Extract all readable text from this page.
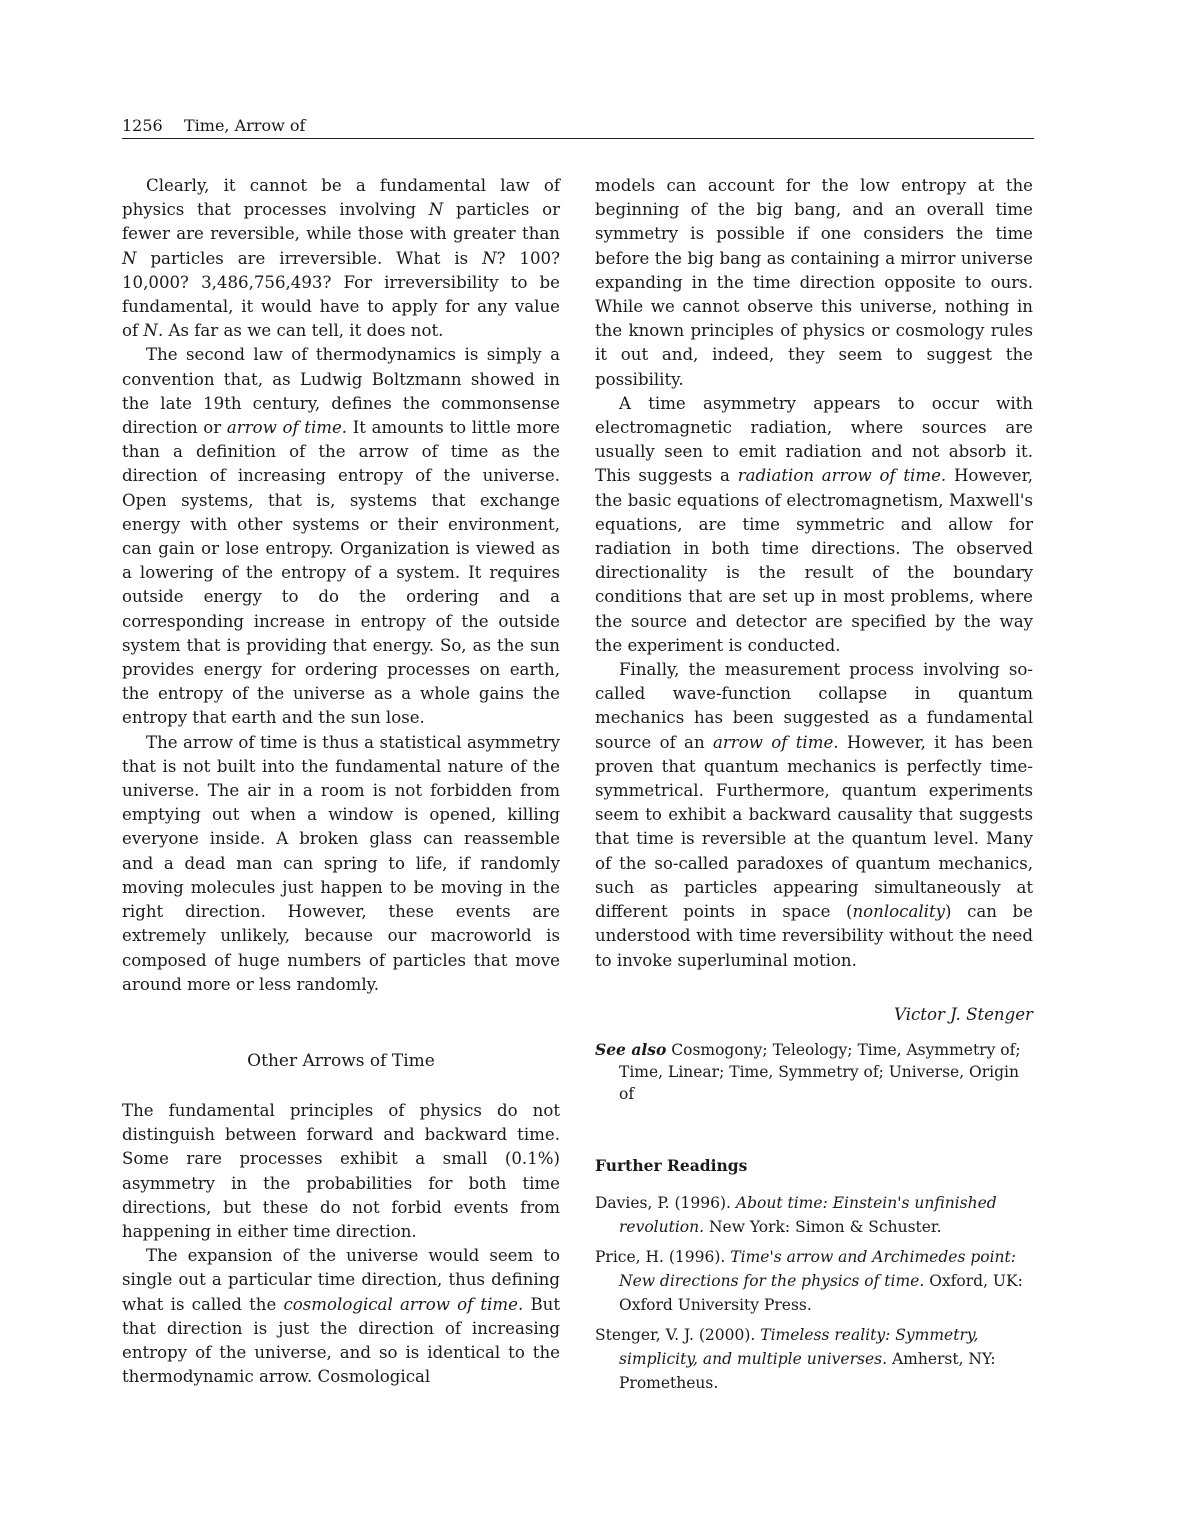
1256 Time, Arrow of

Clearly, it cannot be a fundamental law of physics that processes involving N particles or fewer are reversible, while those with greater than N particles are irreversible. What is N? 100? 10,000? 3,486,756,493? For irreversibility to be fundamental, it would have to apply for any value of N. As far as we can tell, it does not.

The second law of thermodynamics is simply a convention that, as Ludwig Boltzmann showed in the late 19th century, defines the commonsense direction or arrow of time. It amounts to little more than a definition of the arrow of time as the direction of increasing entropy of the universe. Open systems, that is, systems that exchange energy with other systems or their environment, can gain or lose entropy. Organization is viewed as a lowering of the entropy of a system. It requires outside energy to do the ordering and a corresponding increase in entropy of the outside system that is providing that energy. So, as the sun provides energy for ordering processes on earth, the entropy of the universe as a whole gains the entropy that earth and the sun lose.

The arrow of time is thus a statistical asymmetry that is not built into the fundamental nature of the universe. The air in a room is not forbidden from emptying out when a window is opened, killing everyone inside. A broken glass can reassemble and a dead man can spring to life, if randomly moving molecules just happen to be moving in the right direction. However, these events are extremely unlikely, because our macroworld is composed of huge numbers of particles that move around more or less randomly.

Other Arrows of Time

The fundamental principles of physics do not distinguish between forward and backward time. Some rare processes exhibit a small (0.1%) asymmetry in the probabilities for both time directions, but these do not forbid events from happening in either time direction.

The expansion of the universe would seem to single out a particular time direction, thus defining what is called the cosmological arrow of time. But that direction is just the direction of increasing entropy of the universe, and so is identical to the thermodynamic arrow. Cosmological

models can account for the low entropy at the beginning of the big bang, and an overall time symmetry is possible if one considers the time before the big bang as containing a mirror universe expanding in the time direction opposite to ours. While we cannot observe this universe, nothing in the known principles of physics or cosmology rules it out and, indeed, they seem to suggest the possibility.

A time asymmetry appears to occur with electromagnetic radiation, where sources are usually seen to emit radiation and not absorb it. This suggests a radiation arrow of time. However, the basic equations of electromagnetism, Maxwell's equations, are time symmetric and allow for radiation in both time directions. The observed directionality is the result of the boundary conditions that are set up in most problems, where the source and detector are specified by the way the experiment is conducted.

Finally, the measurement process involving so-called wave-function collapse in quantum mechanics has been suggested as a fundamental source of an arrow of time. However, it has been proven that quantum mechanics is perfectly time-symmetrical. Furthermore, quantum experiments seem to exhibit a backward causality that suggests that time is reversible at the quantum level. Many of the so-called paradoxes of quantum mechanics, such as particles appearing simultaneously at different points in space (nonlocality) can be understood with time reversibility without the need to invoke superluminal motion.

Victor J. Stenger
See also Cosmogony; Teleology; Time, Asymmetry of; Time, Linear; Time, Symmetry of; Universe, Origin of
Further Readings
Davies, P. (1996). About time: Einstein's unfinished revolution. New York: Simon & Schuster.
Price, H. (1996). Time's arrow and Archimedes point: New directions for the physics of time. Oxford, UK: Oxford University Press.
Stenger, V. J. (2000). Timeless reality: Symmetry, simplicity, and multiple universes. Amherst, NY: Prometheus.
